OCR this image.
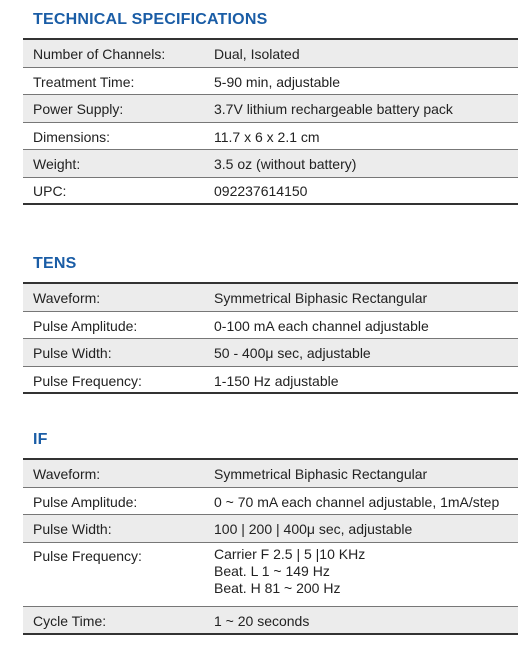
TECHNICAL SPECIFICATIONS
Number of Channels:	Dual, Isolated
Treatment Time:	5-90 min, adjustable
Power Supply:	3.7V lithium rechargeable battery pack
Dimensions:	11.7 x 6 x 2.1 cm
Weight:	3.5 oz (without battery)
UPC:	092237614150
TENS
Waveform:	Symmetrical Biphasic Rectangular
Pulse Amplitude:	0-100 mA each channel adjustable
Pulse Width:	50 - 400μ sec, adjustable
Pulse Frequency:	1-150 Hz adjustable
IF
Waveform:	Symmetrical Biphasic Rectangular
Pulse Amplitude:	0 ~ 70 mA each channel adjustable, 1mA/step
Pulse Width:	100 | 200 | 400μ sec, adjustable
Pulse Frequency:	Carrier F 2.5 | 5 |10 KHz
Beat. L 1 ~ 149 Hz
Beat. H 81 ~ 200 Hz

Cycle Time:	1 ~ 20 seconds
